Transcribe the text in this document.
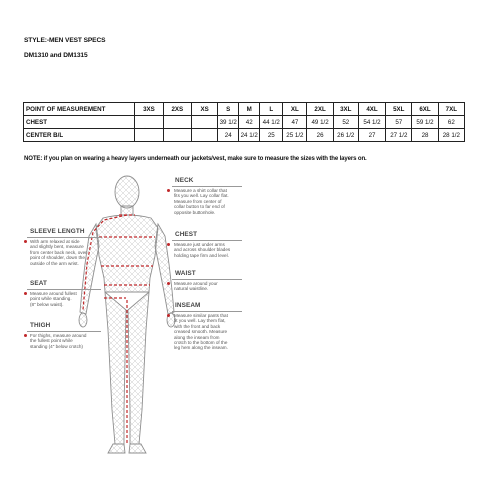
STYLE:-MEN VEST SPECS
DM1310 and DM1315
POINT OF MEASUREMENT	3XS	2XS	XS	S	M	L	XL	2XL	3XL	4XL	5XL	6XL	7XL
CHEST				39 1/2	42	44 1/2	47	49 1/2	52	54 1/2	57	59 1/2	62
CENTER B/L				24	24 1/2	25	25 1/2	26	26 1/2	27	27 1/2	28	28 1/2
NOTE: if you plan on wearing a heavy layers underneath our jackets/vest, make sure to measure the sizes with the layers on.
NECK
Measure a shirt collar that
fits you well. Lay collar flat.
Measure from center of
collar button to far end of
opposite buttonhole.
CHEST
Measure just under arms
and across shoulder blades
holding tape firm and level.
WAIST
Measure around your
natural waistline.
INSEAM
Measure similar pants that
fit you well. Lay them flat,
with the front and back
creased smooth. Measure
along the inseam from
crotch to the bottom of the
leg hem along the inseam.
SLEEVE LENGTH
With arm relaxed at side
and slightly bent, measure
from center back neck, over
point of shoulder, down the
outside of the arm wrist.
SEAT
Measure around fullest
point while standing.
(8" below waist).
THIGH
For thighs, measure around
the fullest point while
standing (4" below crotch)
